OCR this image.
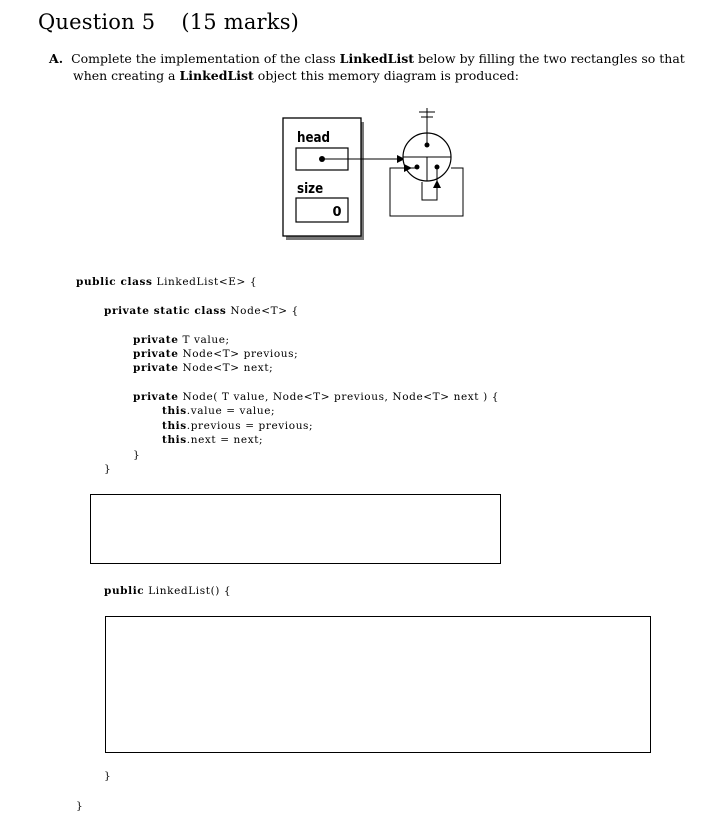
Question 5 (15 marks)
A. Complete the implementation of the class LinkedList below by filling the two rectangles so that
when creating a LinkedList object this memory diagram is produced:
head
size
0
public class LinkedList<E> {
private static class Node<T> {
private T value;
private Node<T> previous;
private Node<T> next;
private Node( T value, Node<T> previous, Node<T> next ) {
this.value = value;
this.previous = previous;
this.next = next;
}
}
public LinkedList() {
}
}
